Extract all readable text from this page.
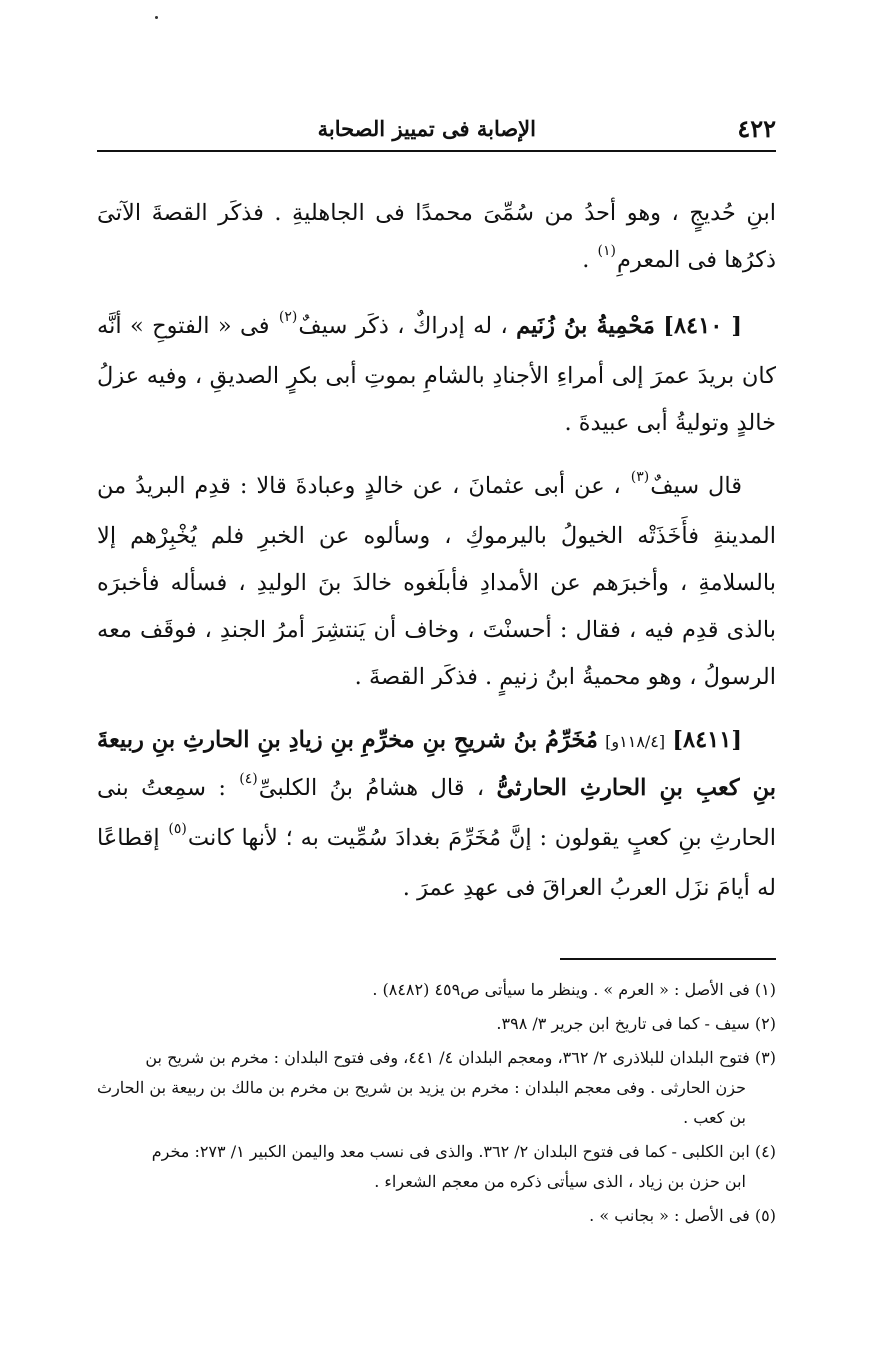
٤٢٢
الإصابة فى تمييز الصحابة

ابنِ حُديجٍ ، وهو أحدُ من سُمِّىَ محمدًا فى الجاهليةِ . فذكَر القصةَ الآتىَ ذكرُها فى المعرمِ$^{(١)}$ .

[ ٨٤١٠] مَحْمِيةُ بنُ زُنَيم ، له إدراكٌ ، ذكَر سيفٌ$^{(٢)}$ فى « الفتوحِ » أنَّه كان بريدَ عمرَ إلى أمراءِ الأجنادِ بالشامِ بموتِ أبى بكرٍ الصديقِ ، وفيه عزلُ خالدٍ وتوليةُ أبى عبيدةَ .

قال سيفٌ$^{(٣)}$ ، عن أبى عثمانَ ، عن خالدٍ وعبادةَ قالا : قدِم البريدُ من المدينةِ فأَخَذَتْه الخيولُ باليرموكِ ، وسألوه عن الخبرِ فلم يُخْبِرْهم إلا بالسلامةِ ، وأخبرَهم عن الأمدادِ فأبلَغوه خالدَ بنَ الوليدِ ، فسأله فأخبرَه بالذى قدِم فيه ، فقال : أحسنْتَ ، وخاف أن يَنتشِرَ أمرُ الجندِ ، فوقَف معه الرسولُ ، وهو محميةُ ابنُ زنيمٍ . فذكَر القصةَ .

[٨٤١١] [١١٨/٤و] مُخَرِّمُ بنُ شريحِ بنِ مخرِّمِ بنِ زيادِ بنِ الحارثِ بنِ ربيعةَ بنِ كعبِ بنِ الحارثِ الحارثىُّ ، قال هشامُ بنُ الكلبىِّ$^{(٤)}$ : سمِعتُ بنى الحارثِ بنِ كعبٍ يقولون : إنَّ مُخَرِّمَ بغدادَ سُمِّيت به ؛ لأنها كانت$^{(٥)}$ إقطاعًا له أيامَ نزَل العربُ العراقَ فى عهدِ عمرَ .

(١) فى الأصل : « العرم » . وينظر ما سيأتى ص٤٥٩ (٨٤٨٢) .
(٢) سيف - كما فى تاريخ ابن جرير ٣/ ٣٩٨.
(٣) فتوح البلدان للبلاذرى ٢/ ٣٦٢، ومعجم البلدان ٤/ ٤٤١، وفى فتوح البلدان : مخرم بن شريح بن
حزن الحارثى . وفى معجم البلدان : مخرم بن يزيد بن شريح بن مخرم بن مالك بن ربيعة بن الحارث بن كعب .
(٤) ابن الكلبى - كما فى فتوح البلدان ٢/ ٣٦٢. والذى فى نسب معد واليمن الكبير ١/ ٢٧٣: مخرم
ابن حزن بن زياد ، الذى سيأتى ذكره من معجم الشعراء .
(٥) فى الأصل : « بجانب » .
